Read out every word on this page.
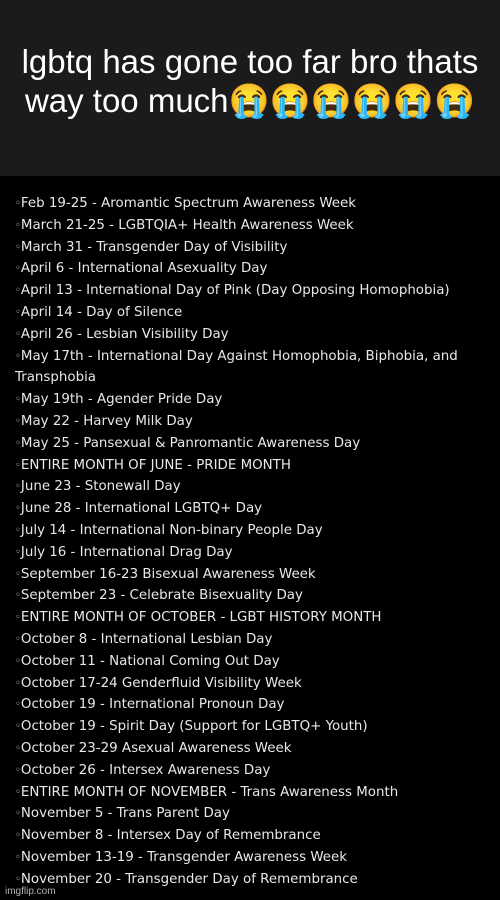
lgbtq has gone too far bro thats way too much😭😭😭😭😭😭
◦Feb 19-25 - Aromantic Spectrum Awareness Week
◦March 21-25 - LGBTQIA+ Health Awareness Week
◦March 31 - Transgender Day of Visibility
◦April 6 - International Asexuality Day
◦April 13 - International Day of Pink (Day Opposing Homophobia)
◦April 14 - Day of Silence
◦April 26 - Lesbian Visibility Day
◦May 17th - International Day Against Homophobia, Biphobia, and Transphobia
◦May 19th - Agender Pride Day
◦May 22 - Harvey Milk Day
◦May 25 - Pansexual & Panromantic Awareness Day
◦ENTIRE MONTH OF JUNE - PRIDE MONTH
◦June 23 - Stonewall Day
◦June 28 - International LGBTQ+ Day
◦July 14 - International Non-binary People Day
◦July 16 - International Drag Day
◦September 16-23 Bisexual Awareness Week
◦September 23 - Celebrate Bisexuality Day
◦ENTIRE MONTH OF OCTOBER - LGBT HISTORY MONTH
◦October 8 - International Lesbian Day
◦October 11 - National Coming Out Day
◦October 17-24 Genderfluid Visibility Week
◦October 19 - International Pronoun Day
◦October 19 - Spirit Day (Support for LGBTQ+ Youth)
◦October 23-29 Asexual Awareness Week
◦October 26 - Intersex Awareness Day
◦ENTIRE MONTH OF NOVEMBER - Trans Awareness Month
◦November 5 - Trans Parent Day
◦November 8 - Intersex Day of Remembrance
◦November 13-19 - Transgender Awareness Week
◦November 20 - Transgender Day of Remembrance
imgflip.com
